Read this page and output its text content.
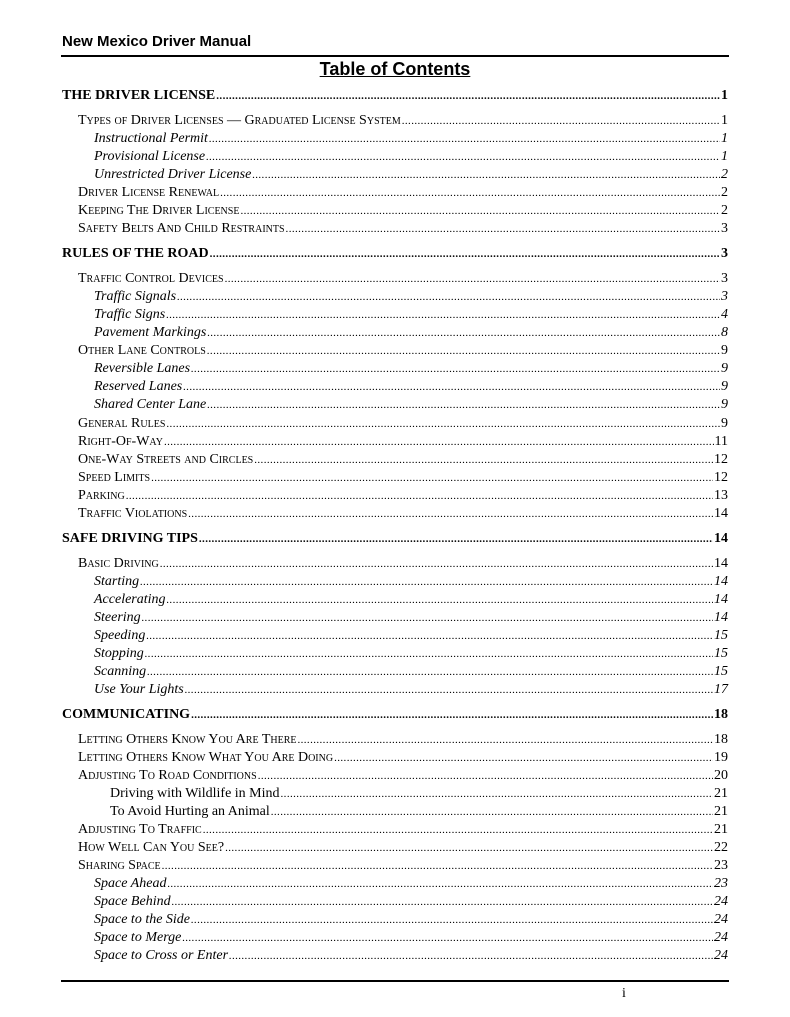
New Mexico Driver Manual
Table of Contents
THE DRIVER LICENSE .....	1
Types of Driver Licenses — Graduated License System .....	1
Instructional Permit .....	1
Provisional License .....	1
Unrestricted Driver License .....	2
Driver License Renewal .....	2
Keeping The Driver License .....	2
Safety Belts And Child Restraints .....	3
RULES OF THE ROAD .....	3
Traffic Control Devices .....	3
Traffic Signals .....	3
Traffic Signs .....	4
Pavement Markings .....	8
Other Lane Controls .....	9
Reversible Lanes .....	9
Reserved Lanes .....	9
Shared Center Lane .....	9
General Rules .....	9
Right-Of-Way .....	11
One-Way Streets and Circles .....	12
Speed Limits .....	12
Parking .....	13
Traffic Violations .....	14
SAFE DRIVING TIPS .....	14
Basic Driving .....	14
Starting .....	14
Accelerating .....	14
Steering .....	14
Speeding .....	15
Stopping .....	15
Scanning .....	15
Use Your Lights .....	17
COMMUNICATING .....	18
Letting Others Know You Are There .....	18
Letting Others Know What You Are Doing .....	19
Adjusting To Road Conditions .....	20
Driving with Wildlife in Mind .....	21
To Avoid Hurting an Animal .....	21
Adjusting To Traffic .....	21
How Well Can You See? .....	22
Sharing Space .....	23
Space Ahead .....	23
Space Behind .....	24
Space to the Side .....	24
Space to Merge .....	24
Space to Cross or Enter .....	24
i
